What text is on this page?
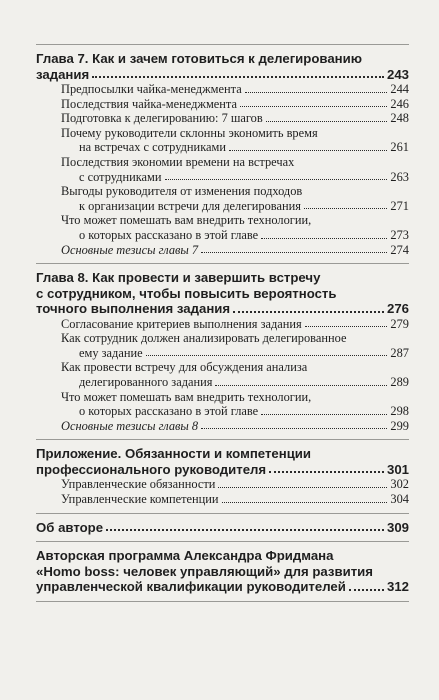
Глава 7. Как и зачем готовиться к делегированию
задания	243
Предпосылки чайка-менеджмента	244
Последствия чайка-менеджмента	246
Подготовка к делегированию: 7 шагов	248
Почему руководители склонны экономить время
на встречах с сотрудниками	261
Последствия экономии времени на встречах
с сотрудниками	263
Выгоды руководителя от изменения подходов
к организации встречи для делегирования	271
Что может помешать вам внедрить технологии,
о которых рассказано в этой главе	273
Основные тезисы главы 7	274
Глава 8. Как провести и завершить встречу
с сотрудником, чтобы повысить вероятность
точного выполнения задания	276
Согласование критериев выполнения задания	279
Как сотрудник должен анализировать делегированное
ему задание	287
Как провести встречу для обсуждения анализа
делегированного задания	289
Что может помешать вам внедрить технологии,
о которых рассказано в этой главе	298
Основные тезисы главы 8	299
Приложение. Обязанности и компетенции
профессионального руководителя	301
Управленческие обязанности	302
Управленческие компетенции	304
Об авторе	309
Авторская программа Александра Фридмана
«Homo boss: человек управляющий» для развития
управленческой квалификации руководителей	312
